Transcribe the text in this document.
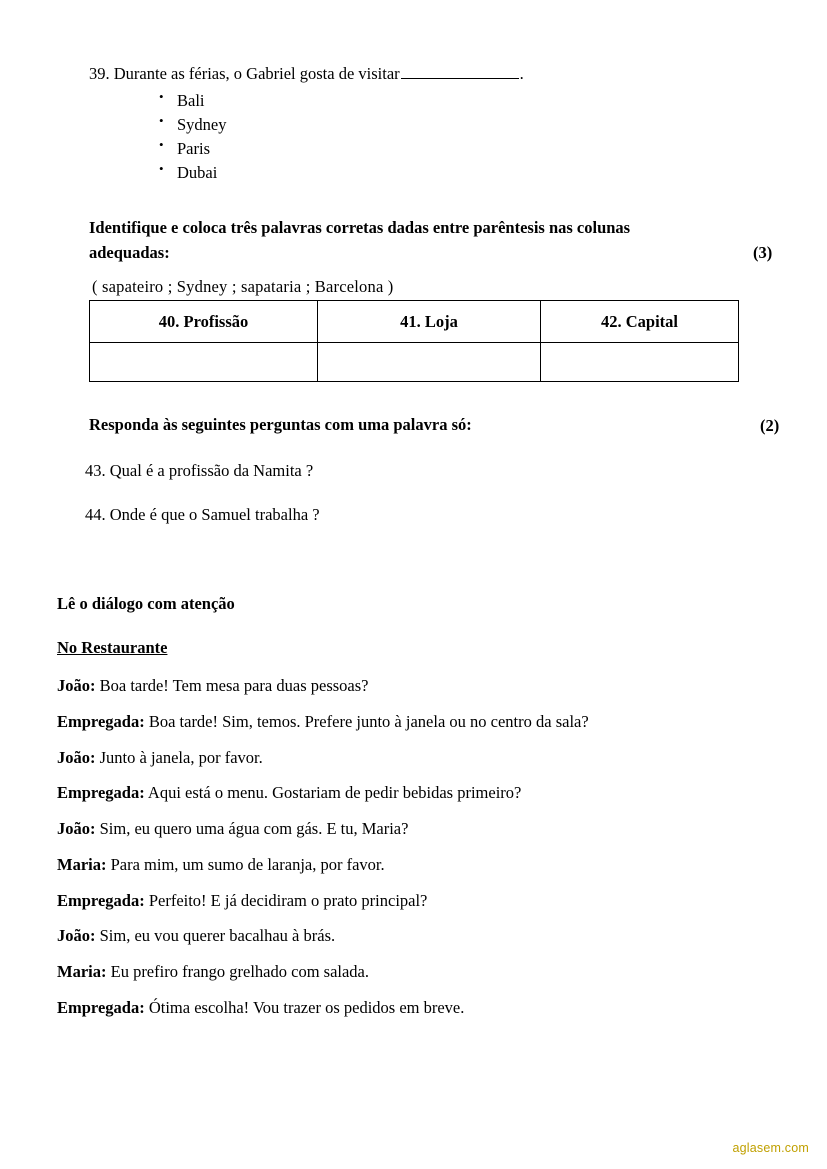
39. Durante as férias, o Gabriel gosta de visitar	.
• Bali
• Sydney
• Paris
• Dubai
Identifique e coloca três palavras corretas dadas entre parêntesis nas colunas adequadas:	(3)
( sapateiro ; Sydney ; sapataria ; Barcelona )
40. Profissão	41. Loja	42. Capital

Responda às seguintes perguntas com uma palavra só:	(2)
43. Qual é a profissão da Namita ?
44. Onde é que o Samuel trabalha ?
Lê o diálogo com atenção
No Restaurante
João: Boa tarde! Tem mesa para duas pessoas?
Empregada: Boa tarde! Sim, temos. Prefere junto à janela ou no centro da sala?
João: Junto à janela, por favor.
Empregada: Aqui está o menu. Gostariam de pedir bebidas primeiro?
João: Sim, eu quero uma água com gás. E tu, Maria?
Maria: Para mim, um sumo de laranja, por favor.
Empregada: Perfeito! E já decidiram o prato principal?
João: Sim, eu vou querer bacalhau à brás.
Maria: Eu prefiro frango grelhado com salada.
Empregada: Ótima escolha! Vou trazer os pedidos em breve.
aglasem.com
